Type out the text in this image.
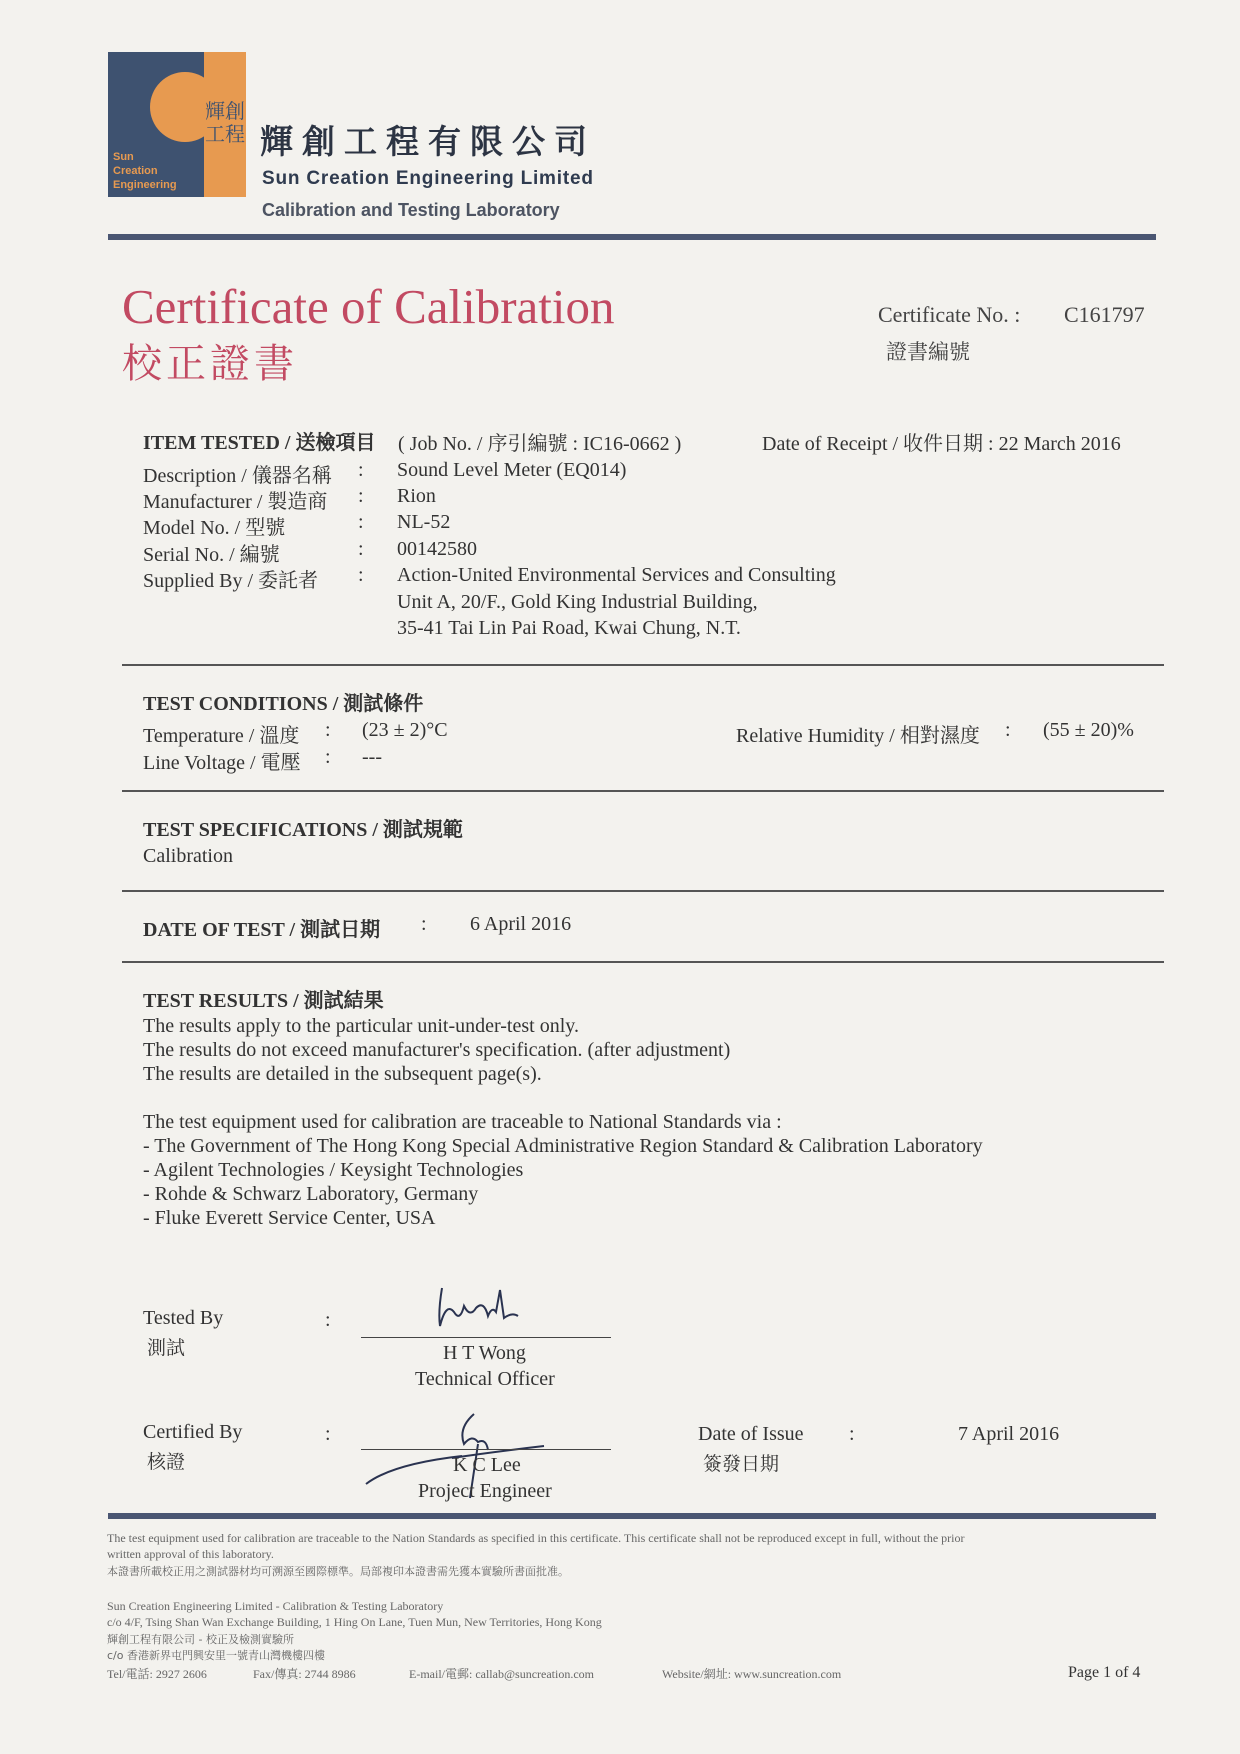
Sun
Creation
Engineering
輝創工程 輝創工程有限公司
Sun Creation Engineering Limited
Calibration and Testing Laboratory
Certificate of Calibration
校正證書
Certificate No. : C161797
證書編號
ITEM TESTED / 送檢項目 ( Job No. / 序引編號 : IC16-0662 )	Date of Receipt / 收件日期 : 22 March 2016
Description / 儀器名稱 : Sound Level Meter (EQ014)
Manufacturer / 製造商 : Rion
Model No. / 型號	: NL-52
Serial No. / 編號	: 00142580
Supplied By / 委託者 : Action-United Environmental Services and Consulting
Unit A, 20/F., Gold King Industrial Building,
35-41 Tai Lin Pai Road, Kwai Chung, N.T.
TEST CONDITIONS / 測試條件
Temperature / 溫度 : (23 ± 2)°C
Line Voltage / 電壓 : ---
Relative Humidity / 相對濕度 : (55 ± 20)%
TEST SPECIFICATIONS / 測試規範
Calibration
DATE OF TEST / 測試日期 : 6 April 2016
TEST RESULTS / 測試結果
The results apply to the particular unit-under-test only.
The results do not exceed manufacturer's specification. (after adjustment)
The results are detailed in the subsequent page(s).
The test equipment used for calibration are traceable to National Standards via :
- The Government of The Hong Kong Special Administrative Region Standard & Calibration Laboratory
- Agilent Technologies / Keysight Technologies
- Rohde & Schwarz Laboratory, Germany
- Fluke Everett Service Center, USA
Tested By
測試
:
H T Wong
Technical Officer
Certified By
核證
:
K C Lee
Project Engineer
Date of Issue
簽發日期
:	7 April 2016
The test equipment used for calibration are traceable to the Nation Standards as specified in this certificate. This certificate shall not be reproduced except in full, without the prior
written approval of this laboratory.
本證書所載校正用之測試器材均可溯源至國際標準。局部複印本證書需先獲本實驗所書面批准。
Sun Creation Engineering Limited - Calibration & Testing Laboratory
c/o 4/F, Tsing Shan Wan Exchange Building, 1 Hing On Lane, Tuen Mun, New Territories, Hong Kong
輝創工程有限公司 - 校正及檢測實驗所
c/o 香港新界屯門興安里一號青山灣機樓四樓
Tel/電話: 2927 2606	Fax/傳真: 2744 8986	E-mail/電郵: callab@suncreation.com	Website/網址: www.suncreation.com	Page 1 of 4
